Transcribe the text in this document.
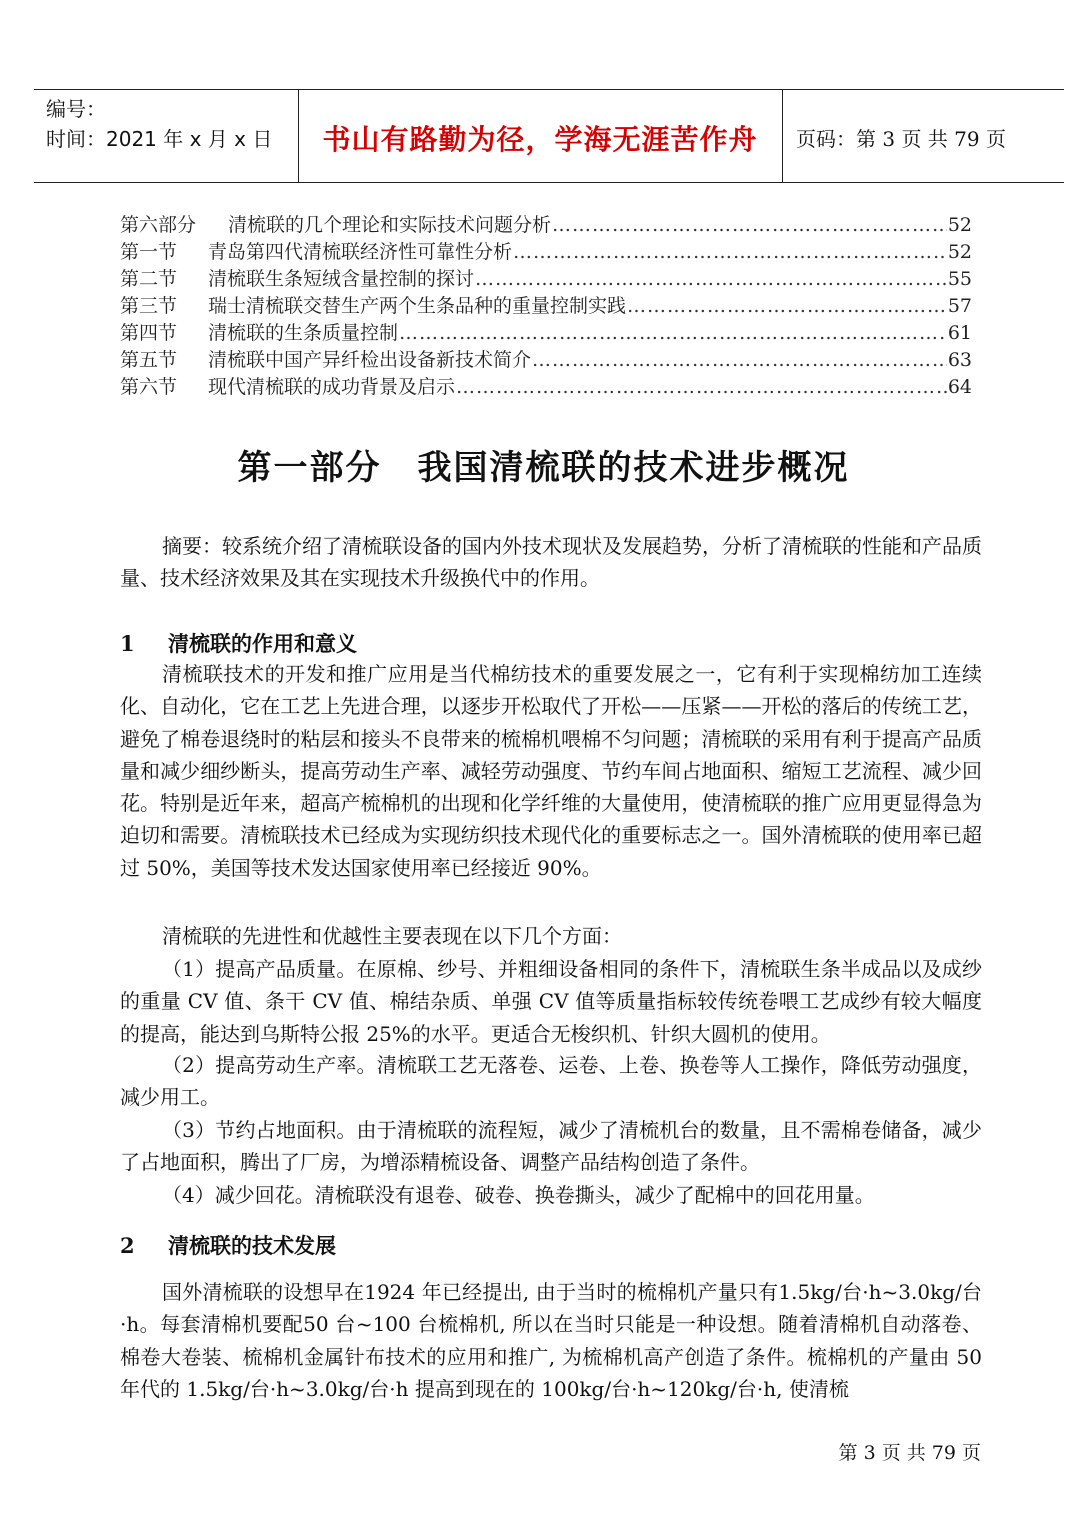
编号：
时间：2021 年 x 月 x 日	书山有路勤为径，学海无涯苦作舟	页码：第 3 页 共 79 页
第六部分	清梳联的几个理论和实际技术问题分析 ………………………………………………………………………………………………………………………………………………………	52
第一节	青岛第四代清梳联经济性可靠性分析 ………………………………………………………………………………………………………………………………………………………	52
第二节	清梳联生条短绒含量控制的探讨 ………………………………………………………………………………………………………………………………………………………	55
第三节	瑞士清梳联交替生产两个生条品种的重量控制实践 ………………………………………………………………………………………………………………………………………………………	57
第四节	清梳联的生条质量控制 ………………………………………………………………………………………………………………………………………………………	61
第五节	清梳联中国产异纤检出设备新技术简介 ………………………………………………………………………………………………………………………………………………………	63
第六节	现代清梳联的成功背景及启示 ………………………………………………………………………………………………………………………………………………………	64
第一部分　我国清梳联的技术进步概况
摘要：较系统介绍了清梳联设备的国内外技术现状及发展趋势，分析了清梳联的性能和产品质量、技术经济效果及其在实现技术升级换代中的作用。
1 清梳联的作用和意义
清梳联技术的开发和推广应用是当代棉纺技术的重要发展之一，它有利于实现棉纺加工连续化、自动化，它在工艺上先进合理，以逐步开松取代了开松——压紧——开松的落后的传统工艺，避免了棉卷退绕时的粘层和接头不良带来的梳棉机喂棉不匀问题；清梳联的采用有利于提高产品质量和减少细纱断头，提高劳动生产率、减轻劳动强度、节约车间占地面积、缩短工艺流程、减少回花。特别是近年来，超高产梳棉机的出现和化学纤维的大量使用，使清梳联的推广应用更显得急为迫切和需要。清梳联技术已经成为实现纺织技术现代化的重要标志之一。国外清梳联的使用率已超过 50%，美国等技术发达国家使用率已经接近 90%。
清梳联的先进性和优越性主要表现在以下几个方面：
（1）提高产品质量。在原棉、纱号、并粗细设备相同的条件下，清梳联生条半成品以及成纱的重量 CV 值、条干 CV 值、棉结杂质、单强 CV 值等质量指标较传统卷喂工艺成纱有较大幅度的提高，能达到乌斯特公报 25%的水平。更适合无梭织机、针织大圆机的使用。
（2）提高劳动生产率。清梳联工艺无落卷、运卷、上卷、换卷等人工操作，降低劳动强度，减少用工。
（3）节约占地面积。由于清梳联的流程短，减少了清梳机台的数量，且不需棉卷储备，减少了占地面积，腾出了厂房，为增添精梳设备、调整产品结构创造了条件。
（4）减少回花。清梳联没有退卷、破卷、换卷撕头，减少了配棉中的回花用量。
2 清梳联的技术发展
国外清梳联的设想早在1924 年已经提出, 由于当时的梳棉机产量只有1.5kg/台·h~3.0kg/台·h。每套清棉机要配50 台~100 台梳棉机, 所以在当时只能是一种设想。随着清棉机自动落卷、棉卷大卷装、梳棉机金属针布技术的应用和推广, 为梳棉机高产创造了条件。梳棉机的产量由 50 年代的 1.5kg/台·h~3.0kg/台·h 提高到现在的 100kg/台·h~120kg/台·h, 使清梳
第 3 页 共 79 页
